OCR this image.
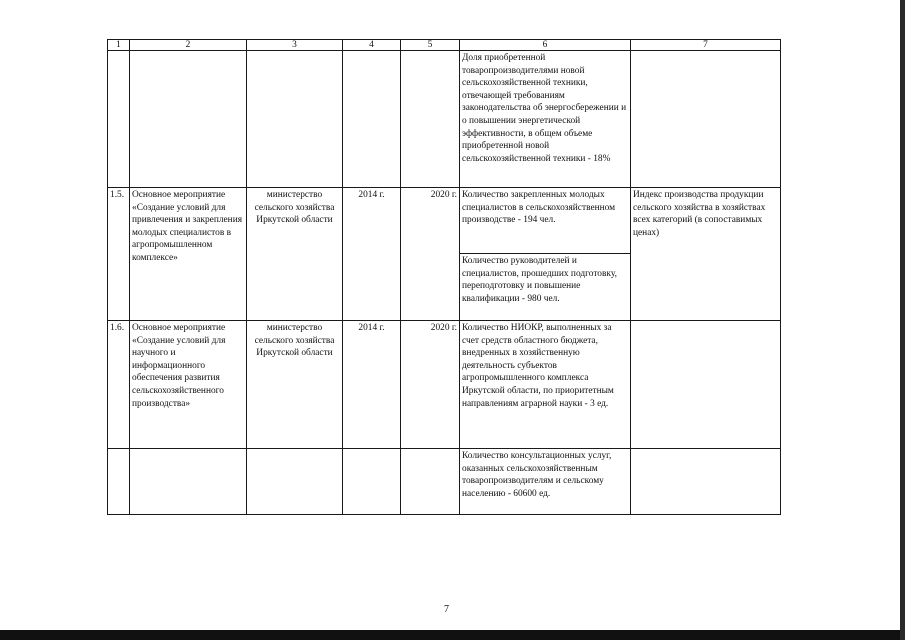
1	2	3	4	5	6	7
					Доля приобретенной товаропроизводителями новой сельскохозяйственной техники, отвечающей требованиям законодательства об энергосбережении и о повышении энергетической эффективности, в общем объеме приобретенной новой сельскохозяйственной техники - 18%	
1.5.	Основное мероприятие «Создание условий для привлечения и закрепления молодых специалистов в агропромышленном комплексе»	министерство сельского хозяйства Иркутской области	2014 г.	2020 г.	Количество закрепленных молодых специалистов в сельскохозяйственном производстве - 194 чел.	Индекс производства продукции сельского хозяйства в хозяйствах всех категорий (в сопоставимых ценах)
					Количество руководителей и специалистов, прошедших подготовку, переподготовку и повышение квалификации - 980 чел.	
1.6.	Основное мероприятие «Создание условий для научного и информационного обеспечения развития сельскохозяйственного производства»	министерство сельского хозяйства Иркутской области	2014 г.	2020 г.	Количество НИОКР, выполненных за счет средств областного бюджета, внедренных в хозяйственную деятельность субъектов агропромышленного комплекса Иркутской области, по приоритетным направлениям аграрной науки - 3 ед.	
					Количество консультационных услуг, оказанных сельскохозяйственным товаропроизводителям и сельскому населению - 60600 ед.	
7
